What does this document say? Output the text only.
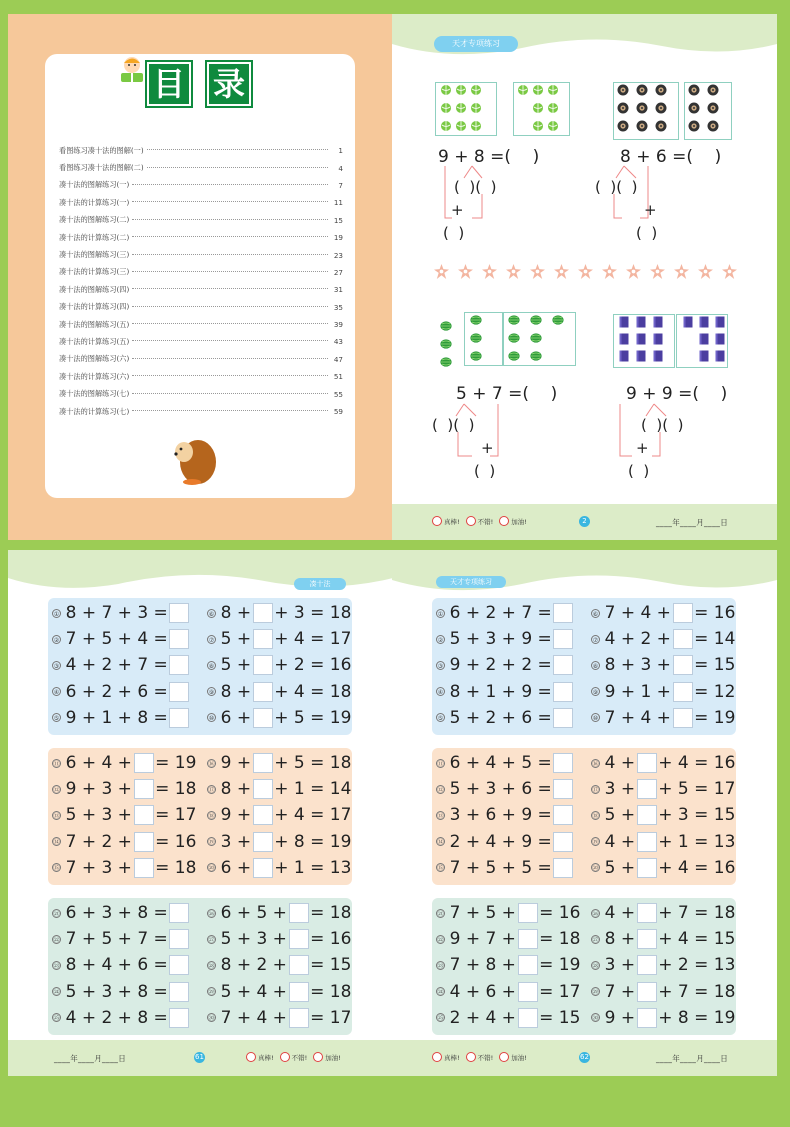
目 录
看图练习凑十法的图解(一)	1
看图练习凑十法的图解(二)	4
凑十法的图解练习(一)	7
凑十法的计算练习(一)	11
凑十法的图解练习(二)	15
凑十法的计算练习(二)	19
凑十法的图解练习(三)	23
凑十法的计算练习(三)	27
凑十法的图解练习(四)	31
凑十法的计算练习(四)	35
凑十法的图解练习(五)	39
凑十法的计算练习(五)	43
凑十法的图解练习(六)	47
凑十法的计算练习(六)	51
凑十法的图解练习(七)	55
凑十法的计算练习(七)	59
天才专项练习
9 + 8 =(    )
(  )(  )
+
(  )
8 + 6 =(    )
(  )(  )
+
(  )
5 + 7 =(    )
(  )(  )
+
(  )
9 + 9 =(    )
(  )(  )
+
(  )
真棒!	不错!	加油!	2	____年____月____日
凑十法
① 8 + 7 + 3 =
② 7 + 5 + 4 =
③ 4 + 2 + 7 =
④ 6 + 2 + 6 =
⑤ 9 + 1 + 8 =
⑥ 8 + + 3 = 18
⑦ 5 + + 4 = 17
⑧ 5 + + 2 = 16
⑨ 8 + + 4 = 18
⑩ 6 + + 5 = 19
⑪ 6 + 4 + = 19
⑫ 9 + 3 + = 18
⑬ 5 + 3 + = 17
⑭ 7 + 2 + = 16
⑮ 7 + 3 + = 18
⑯ 9 + + 5 = 18
⑰ 8 + + 1 = 14
⑱ 9 + + 4 = 17
⑲ 3 + + 8 = 19
⑳ 6 + + 1 = 13
㉑ 6 + 3 + 8 =
㉒ 7 + 5 + 7 =
㉓ 8 + 4 + 6 =
㉔ 5 + 3 + 8 =
㉕ 4 + 2 + 8 =
㉖ 6 + 5 + = 18
㉗ 5 + 3 + = 16
㉘ 8 + 2 + = 15
㉙ 5 + 4 + = 18
㉚ 7 + 4 + = 17
____年____月____日	61	真棒!	不错!	加油!
天才专项练习
① 6 + 2 + 7 =
② 5 + 3 + 9 =
③ 9 + 2 + 2 =
④ 8 + 1 + 9 =
⑤ 5 + 2 + 6 =
⑥ 7 + 4 + = 16
⑦ 4 + 2 + = 14
⑧ 8 + 3 + = 15
⑨ 9 + 1 + = 12
⑩ 7 + 4 + = 19
⑪ 6 + 4 + 5 =
⑫ 5 + 3 + 6 =
⑬ 3 + 6 + 9 =
⑭ 2 + 4 + 9 =
⑮ 7 + 5 + 5 =
⑯ 4 + + 4 = 16
⑰ 3 + + 5 = 17
⑱ 5 + + 3 = 15
⑲ 4 + + 1 = 13
⑳ 5 + + 4 = 16
㉑ 7 + 5 + = 16
㉒ 9 + 7 + = 18
㉓ 7 + 8 + = 19
㉔ 4 + 6 + = 17
㉕ 2 + 4 + = 15
㉖ 4 + + 7 = 18
㉗ 8 + + 4 = 15
㉘ 3 + + 2 = 13
㉙ 7 + + 7 = 18
㉚ 9 + + 8 = 19
真棒!	不错!	加油!	62	____年____月____日
